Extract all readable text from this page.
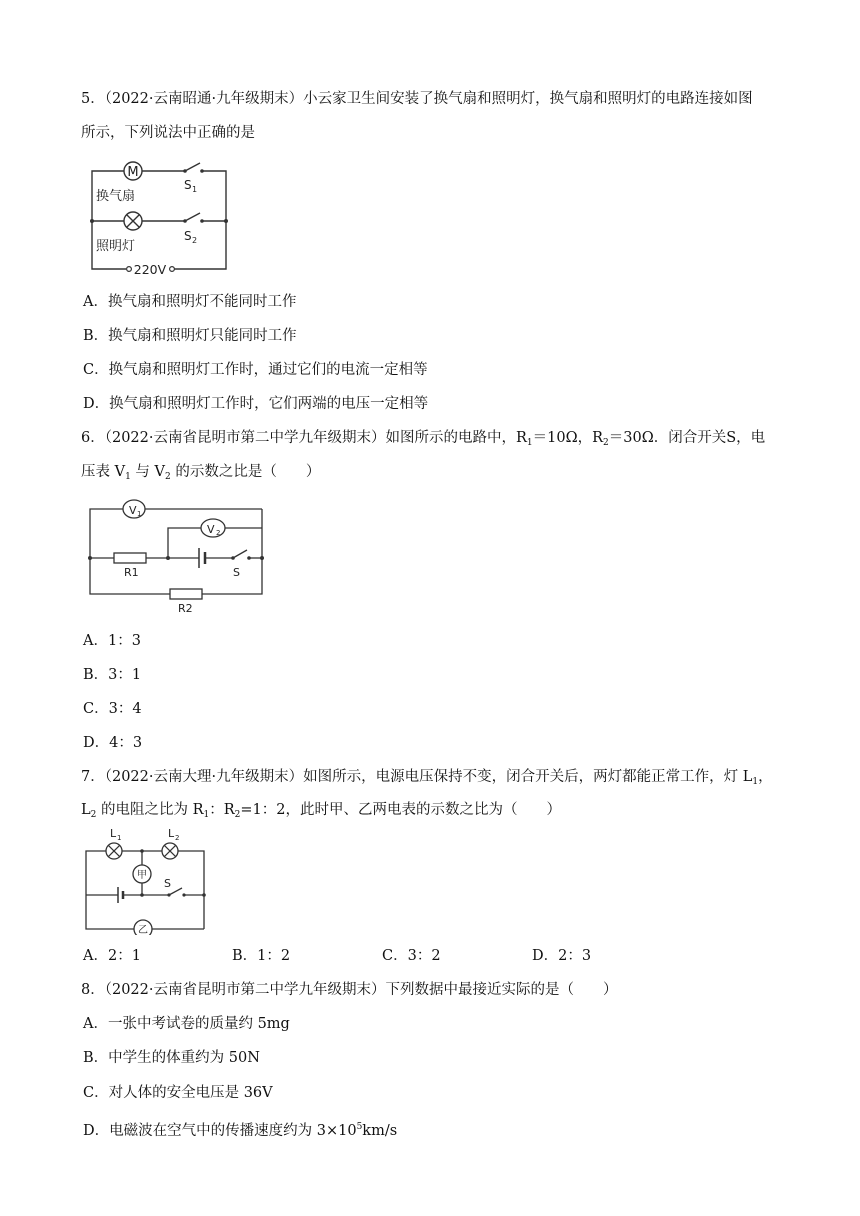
5．（2022·云南昭通·九年级期末）小云家卫生间安装了换气扇和照明灯，换气扇和照明灯的电路连接如图
所示，下列说法中正确的是
M
S 1
换气扇
S 2
照明灯
220V
A．换气扇和照明灯不能同时工作
B．换气扇和照明灯只能同时工作
C．换气扇和照明灯工作时，通过它们的电流一定相等
D．换气扇和照明灯工作时，它们两端的电压一定相等
6．（2022·云南省昆明市第二中学九年级期末）如图所示的电路中，$R_1=10\Omega$，$R_2=30\Omega$．闭合开关S，电
压表 $V_1$ 与 $V_2$ 的示数之比是（　　）
V 1
V 2
R1	S
R2
A．1：3
B．3：1
C．3：4
D．4：3
7．（2022·云南大理·九年级期末）如图所示，电源电压保持不变，闭合开关后，两灯都能正常工作，灯 $L_1$，
$L_2$ 的电阻之比为 $R_1$：$R_2=1$：2，此时甲、乙两电表的示数之比为（　　）
L 1	L 2
甲
S
乙
A．2：1	B．1：2	C．3：2	D．2：3
8．（2022·云南省昆明市第二中学九年级期末）下列数据中最接近实际的是（　　）
A．一张中考试卷的质量约 5mg
B．中学生的体重约为 50N
C．对人体的安全电压是 36V
D．电磁波在空气中的传播速度约为 $3\times 10^5km/s$
